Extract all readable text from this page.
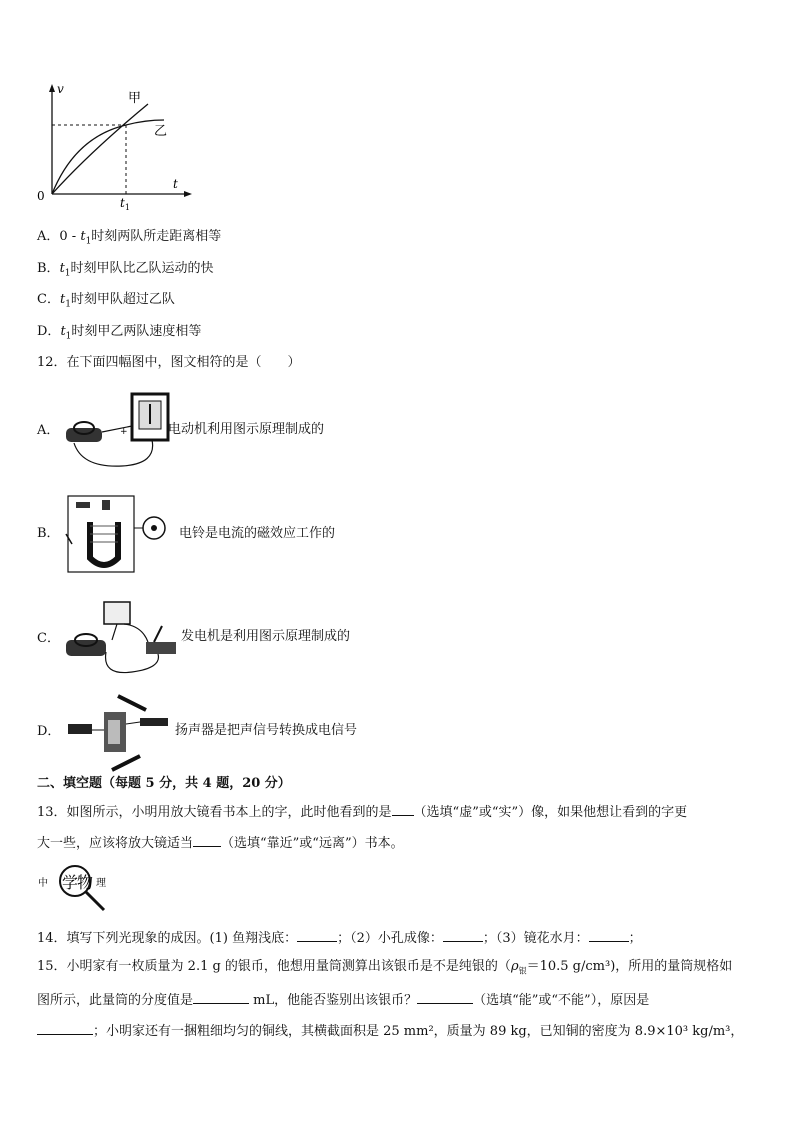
v
t
0	$t_1$
甲
乙
A．$0 - t_1$时刻两队所走距离相等
B．$t_1$时刻甲队比乙队运动的快
C．$t_1$时刻甲队超过乙队
D．$t_1$时刻甲乙两队速度相等
12．在下面四幅图中，图文相符的是（　　）
A．	+	电动机利用图示原理制成的
B．	电铃是电流的磁效应工作的
C．	发电机是利用图示原理制成的
D．	扬声器是把声信号转换成电信号
二、填空题（每题 5 分，共 4 题，20 分）
13．如图所示，小明用放大镜看书本上的字，此时他看到的是 （选填“虚”或“实”）像，如果他想让看到的字更
大一些，应该将放大镜适当 （选填“靠近”或“远离”）书本。
中 学
物 理
14．填写下列光现象的成因。(1) 鱼翔浅底：	；（2）小孔成像：	；（3）镜花水月：	；
15．小明家有一枚质量为 2.1 g 的银币，他想用量筒测算出该银币是不是纯银的（$\rho_银=10.5$ g/cm³)，所用的量筒规格如
图所示，此量筒的分度值是	mL，他能否鉴别出该银币？	（选填“能”或“不能”），原因是
；小明家还有一捆粗细均匀的铜线，其横截面积是 25 mm²，质量为 89 kg，已知铜的密度为 8.9×10³ kg/m³，
